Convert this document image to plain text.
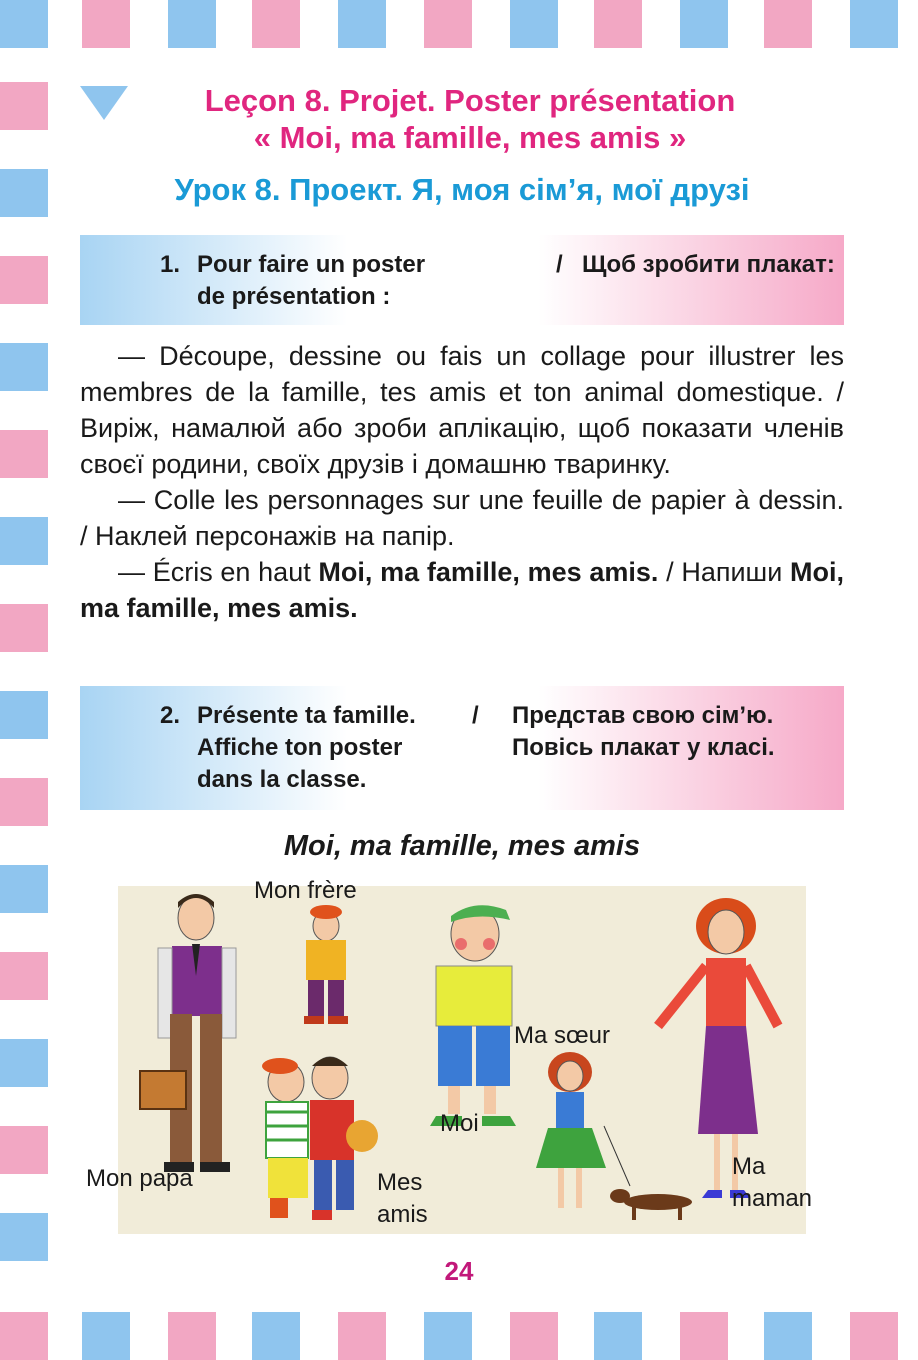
Leçon 8. Projet. Poster présentation
« Moi, ma famille, mes amis »
Урок 8. Проект. Я, моя сім’я, мої друзі
1. Pour faire un poster
de présentation :
/ Щоб зробити плакат:

— Découpe, dessine ou fais un collage pour illustrer les membres de la famille, tes amis et ton animal domestique. / Виріж, намалюй або зроби аплікацію, щоб показати членів своєї родини, своїх друзів і домашню тваринку.

— Colle les personnages sur une feuille de papier à dessin. / Наклей персонажів на папір.

— Écris en haut Moi, ma famille, mes amis. / Напиши Moi, ma famille, mes amis.

2. Présente ta famille.
Affiche ton poster
dans la classe.
/ Представ свою сім’ю.
Повісь плакат у класі.
Moi, ma famille, mes amis
Mon frère
Ma sœur
Moi
Mon papa	Mes
amis
Ma
maman
24
